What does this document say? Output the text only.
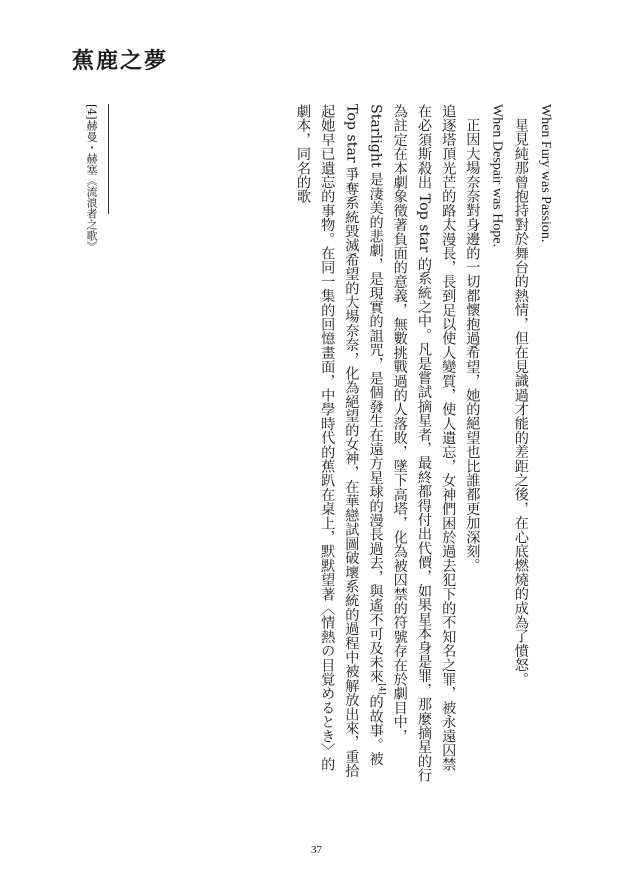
蕉鹿之夢

When Fury was Passion.

星見純那曾抱持對於舞台的熱情，但在見識過才能的差距之後，在心底燃燒的成為了憤怒。

When Despair was Hope.

正因大場奈奈對身邊的一切都懷抱過希望，她的絕望也比誰都更加深刻。

追逐塔頂光芒的路太漫長，長到足以使人變質，使人遺忘，女神們困於過去犯下的不知名之罪，被永遠囚禁在必須斯殺出 Top star 的系統之中。凡是嘗試摘星者，最終都得付出代價，如果星本身是罪，那麼摘星的行為註定在本劇象徵著負面的意義，無數挑戰過的人落敗，墜下高塔，化為被囚禁的符號存在於劇目中，Starlight 是淒美的悲劇，是現實的詛咒，是個發生在遠方星球的漫長過去，與遙不可及未來[4]的故事。被 Top star 爭奪系統毀滅希望的大場奈奈，化為絕望的女神，在華戀試圖破壞系統的過程中被解放出來，重拾起她早已遺忘的事物。在同一集的回憶畫面，中學時代的蕉趴在桌上，默默望著〈情熱の目覚めるとき〉的劇本，同名的歌

[4]赫曼・赫塞《流浪者之歌》
37
